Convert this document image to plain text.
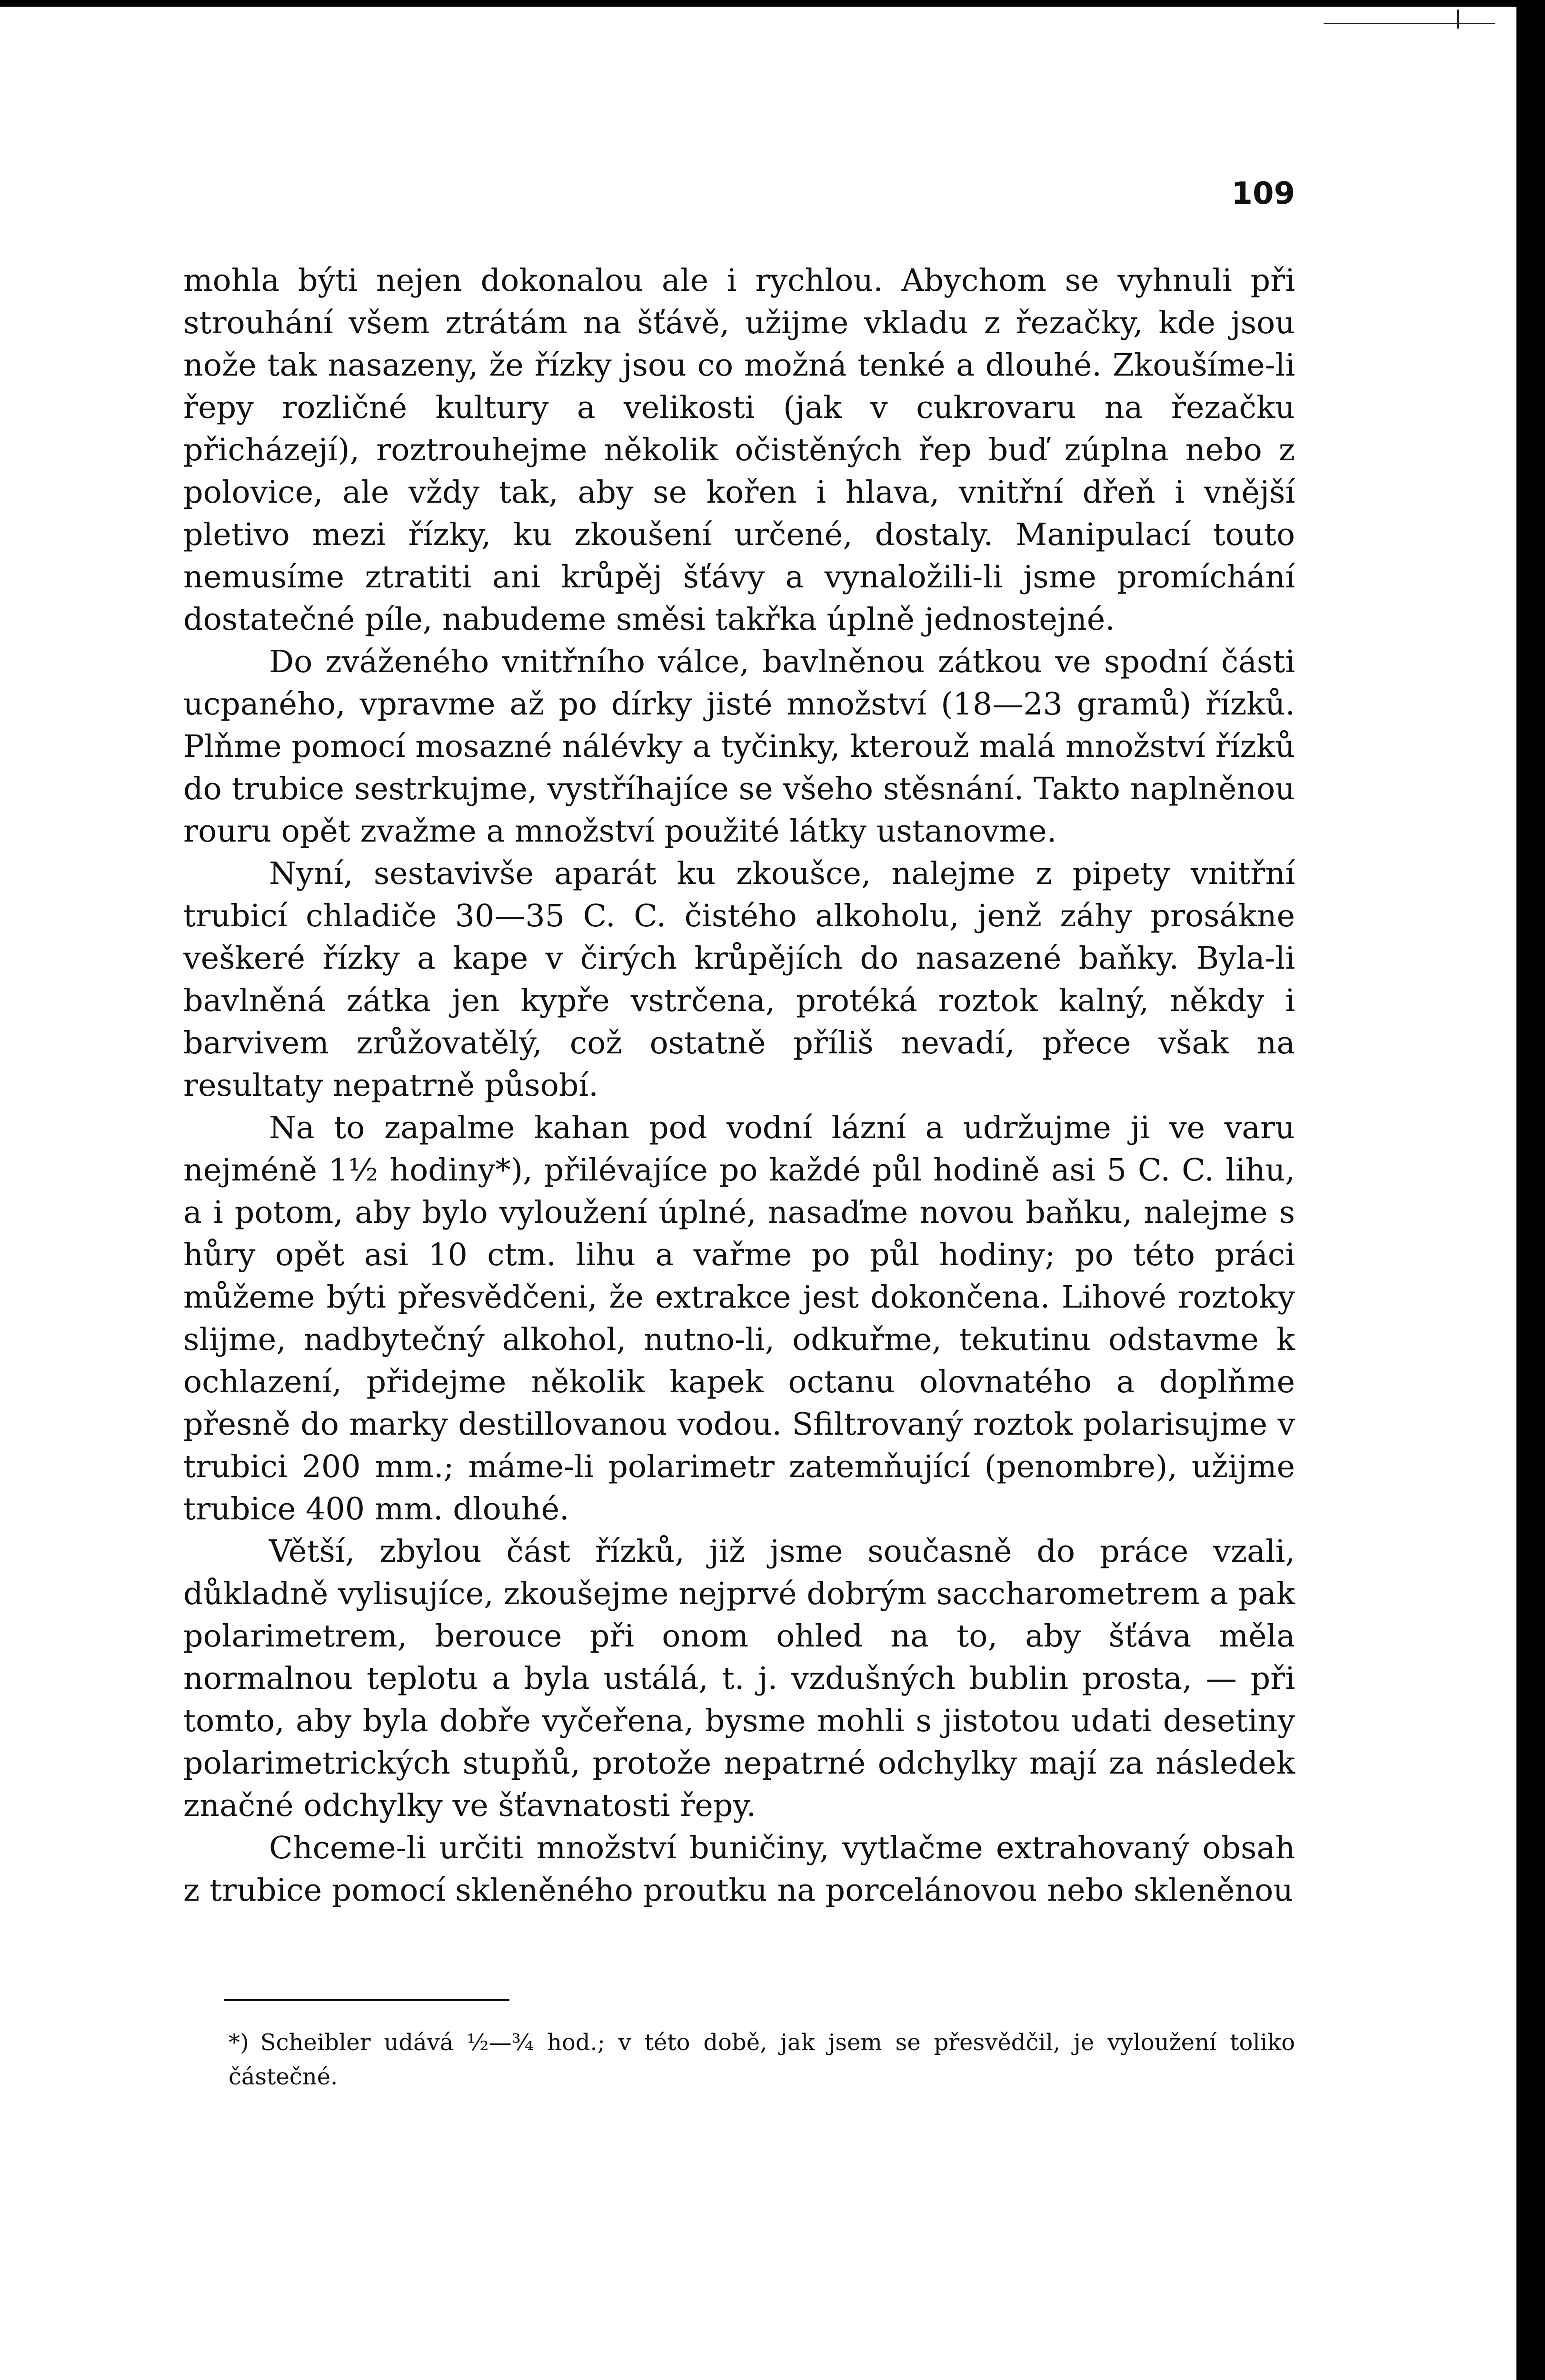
109

mohla býti nejen dokonalou ale i rychlou. Abychom se vyhnuli při strouhání všem ztrátám na šťávě, užijme vkladu z řezačky, kde jsou nože tak nasazeny, že řízky jsou co možná tenké a dlouhé. Zkoušíme-li řepy rozličné kultury a velikosti (jak v cukrovaru na řezačku přicházejí), roztrouhejme několik očistěných řep buď zúplna nebo z polovice, ale vždy tak, aby se kořen i hlava, vnitřní dřeň i vnější pletivo mezi řízky, ku zkoušení určené, dostaly. Manipulací touto nemusíme ztratiti ani krůpěj šťávy a vynaložili-li jsme promíchání dostatečné píle, nabudeme směsi takřka úplně jednostejné.

Do zváženého vnitřního válce, bavlněnou zátkou ve spodní části ucpaného, vpravme až po dírky jisté množství (18—23 gramů) řízků. Plňme pomocí mosazné nálévky a tyčinky, kterouž malá množství řízků do trubice sestrkujme, vystříhajíce se všeho stěsnání. Takto naplněnou rouru opět zvažme a množství použité látky ustanovme.

Nyní, sestavivše aparát ku zkoušce, nalejme z pipety vnitřní trubicí chladiče 30—35 C. C. čistého alkoholu, jenž záhy prosákne veškeré řízky a kape v čirých krůpějích do nasazené baňky. Byla-li bavlněná zátka jen kypře vstrčena, protéká roztok kalný, někdy i barvivem zrůžovatělý, což ostatně příliš nevadí, přece však na resultaty nepatrně působí.

Na to zapalme kahan pod vodní lázní a udržujme ji ve varu nejméně 1½ hodiny*), přilévajíce po každé půl hodině asi 5 C. C. lihu, a i potom, aby bylo vyloužení úplné, nasaďme novou baňku, nalejme s hůry opět asi 10 ctm. lihu a vařme po půl hodiny; po této práci můžeme býti přesvědčeni, že extrakce jest dokončena. Lihové roztoky slijme, nadbytečný alkohol, nutno-li, odkuřme, tekutinu odstavme k ochlazení, přidejme několik kapek octanu olovnatého a doplňme přesně do marky destillovanou vodou. Sfiltrovaný roztok polarisujme v trubici 200 mm.; máme-li polarimetr zatemňující (penombre), užijme trubice 400 mm. dlouhé.

Větší, zbylou část řízků, již jsme současně do práce vzali, důkladně vylisujíce, zkoušejme nejprvé dobrým saccharometrem a pak polarimetrem, berouce při onom ohled na to, aby šťáva měla normalnou teplotu a byla ustálá, t. j. vzdušných bublin prosta, — při tomto, aby byla dobře vyčeřena, bysme mohli s jistotou udati desetiny polarimetrických stupňů, protože nepatrné odchylky mají za následek značné odchylky ve šťavnatosti řepy.

Chceme-li určiti množství buničiny, vytlačme extrahovaný obsah z trubice pomocí skleněného proutku na porcelánovou nebo skleněnou

*) Scheibler udává ½—¾ hod.; v této době, jak jsem se přesvědčil, je vyloužení toliko částečné.
